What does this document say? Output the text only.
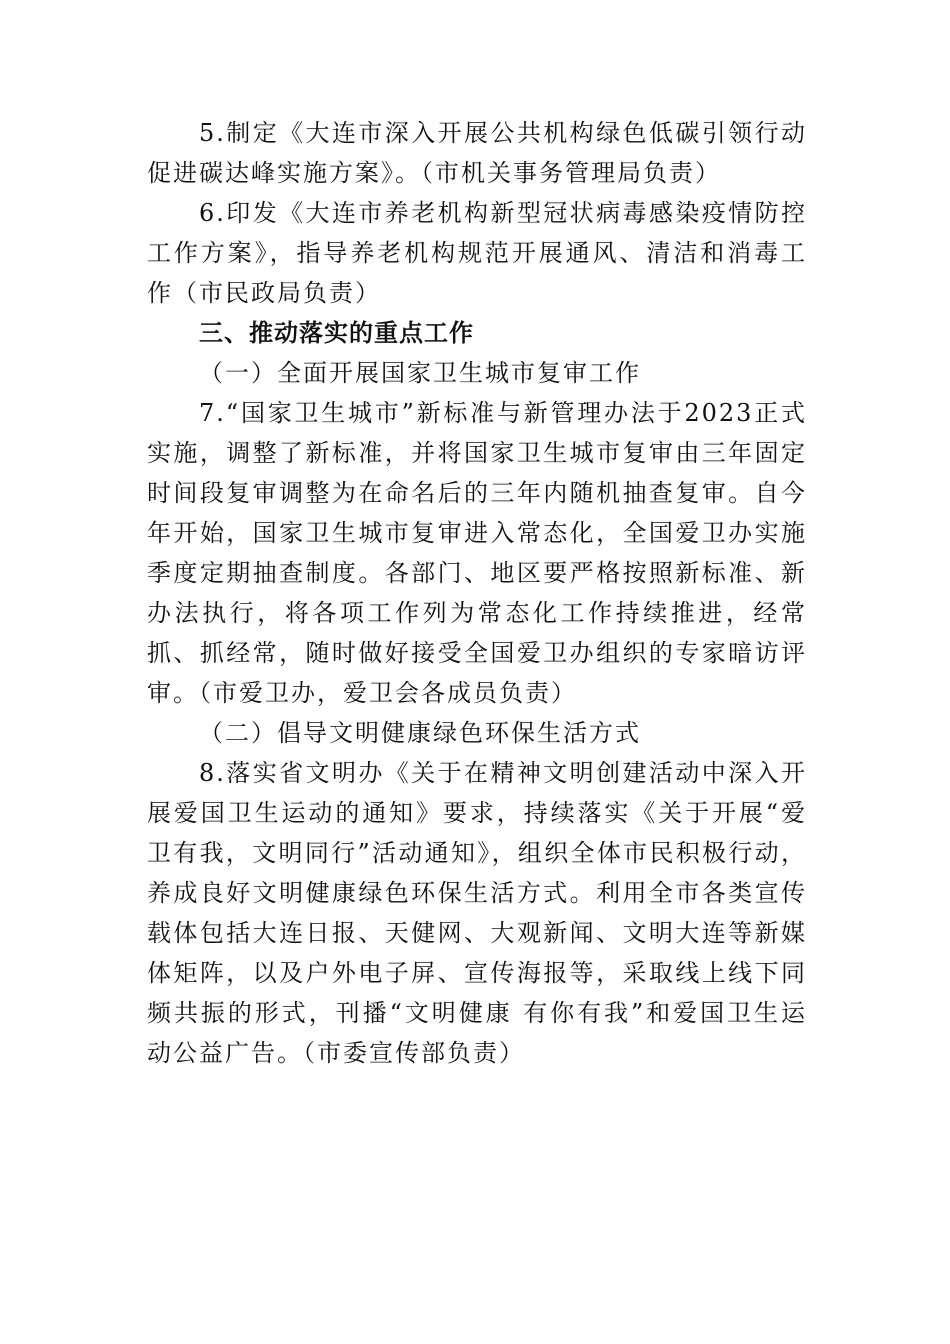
5.制定《大连市深入开展公共机构绿色低碳引领行动促进碳达峰实施方案》。（市机关事务管理局负责）

6.印发《大连市养老机构新型冠状病毒感染疫情防控工作方案》，指导养老机构规范开展通风、清洁和消毒工作（市民政局负责）

三、推动落实的重点工作

（一）全面开展国家卫生城市复审工作

7.“国家卫生城市”新标准与新管理办法于2023正式实施，调整了新标准，并将国家卫生城市复审由三年固定时间段复审调整为在命名后的三年内随机抽查复审。自今年开始，国家卫生城市复审进入常态化，全国爱卫办实施季度定期抽查制度。各部门、地区要严格按照新标准、新办法执行，将各项工作列为常态化工作持续推进，经常抓、抓经常，随时做好接受全国爱卫办组织的专家暗访评审。（市爱卫办，爱卫会各成员负责）

（二）倡导文明健康绿色环保生活方式

8.落实省文明办《关于在精神文明创建活动中深入开展爱国卫生运动的通知》要求，持续落实《关于开展“爱卫有我，文明同行”活动通知》，组织全体市民积极行动，养成良好文明健康绿色环保生活方式。利用全市各类宣传载体包括大连日报、天健网、大观新闻、文明大连等新媒体矩阵，以及户外电子屏、宣传海报等，采取线上线下同频共振的形式，刊播“文明健康 有你有我”和爱国卫生运动公益广告。（市委宣传部负责）
